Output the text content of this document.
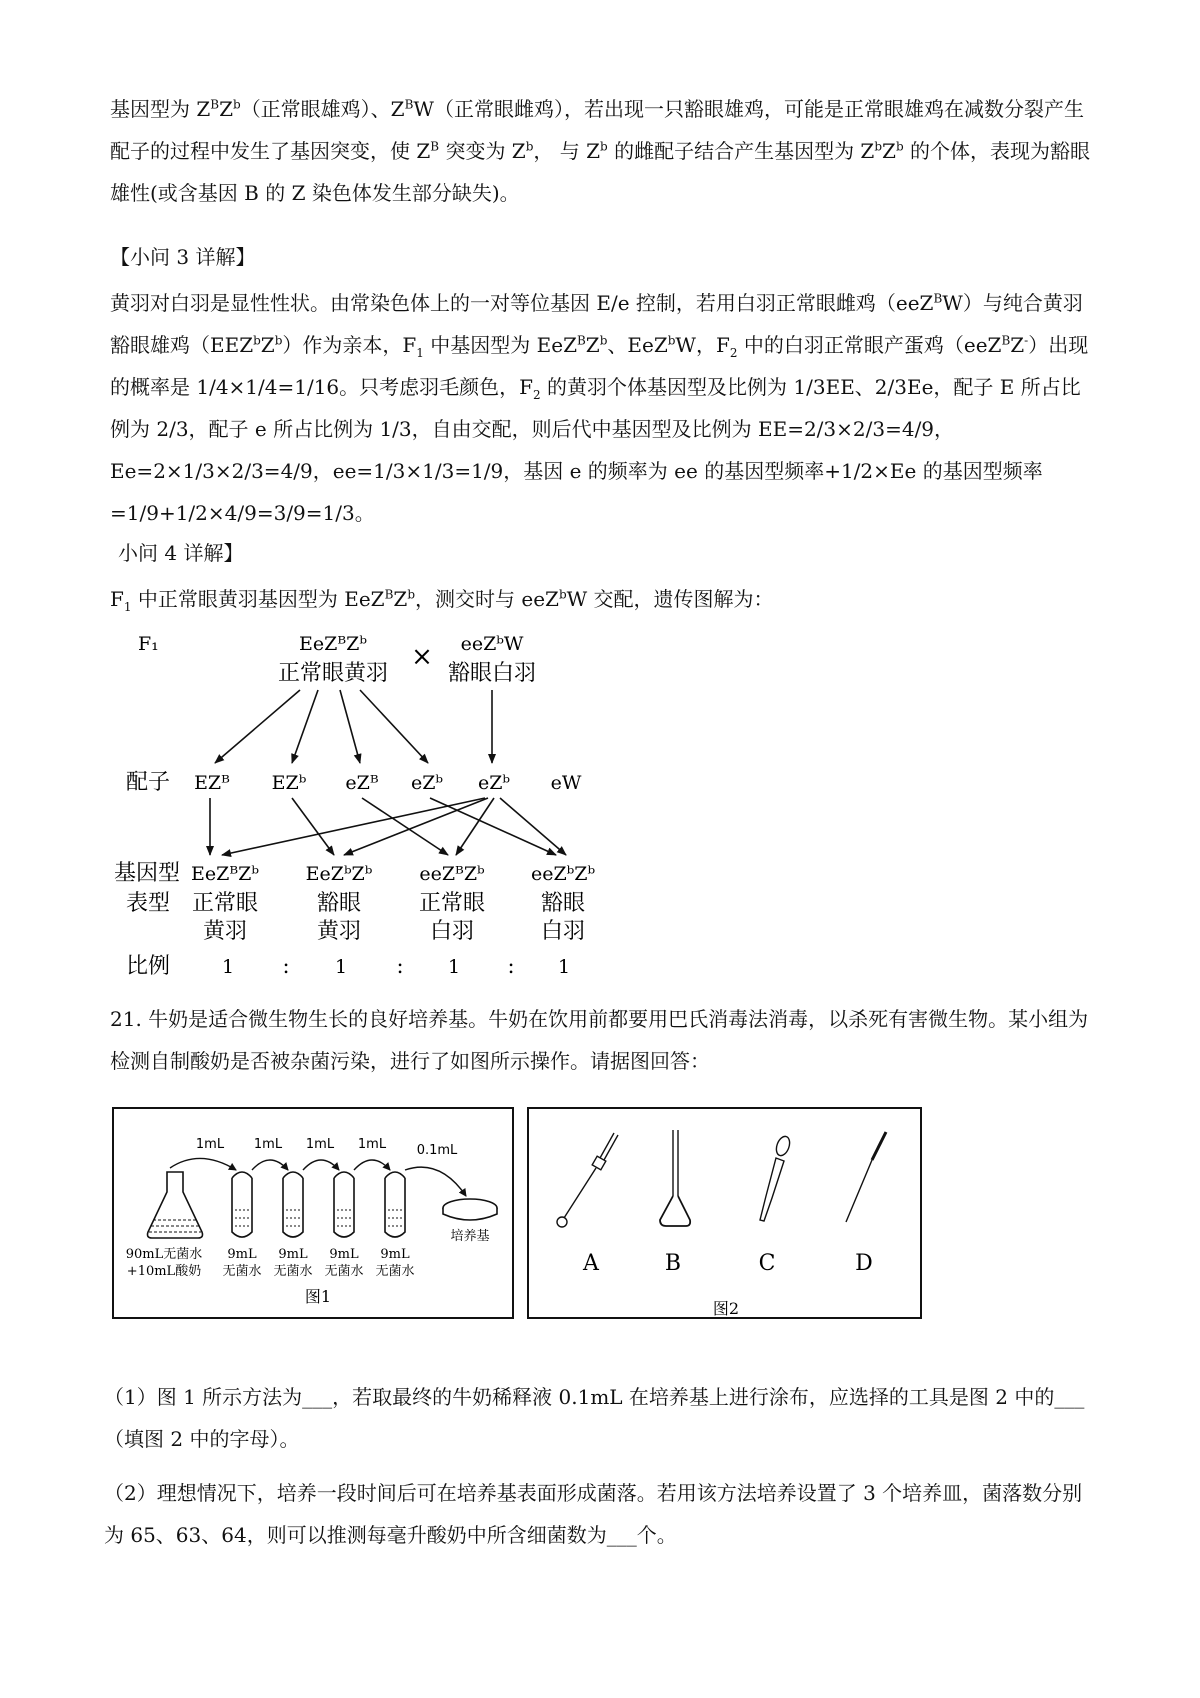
基因型为 $Z^BZ^b$（正常眼雄鸡）、$Z^BW$（正常眼雌鸡），若出现一只豁眼雄鸡，可能是正常眼雄鸡在减数分裂产生配子的过程中发生了基因突变，使 $Z^B$ 突变为 $Z^b$， 与 $Z^b$ 的雌配子结合产生基因型为 $Z^bZ^b$ 的个体，表现为豁眼雄性(或含基因 B 的 Z 染色体发生部分缺失)。

【小问 3 详解】

黄羽对白羽是显性性状。由常染色体上的一对等位基因 E/e 控制，若用白羽正常眼雌鸡（eeZ$^B$W）与纯合黄羽豁眼雄鸡$(EEZ^bZ^b)$作为亲本，$F_1$ 中基因型为 $EeZ^BZ^b$、EeZ$^b$W，$F_2$ 中的白羽正常眼产蛋鸡（eeZ$^B$Z-）出现的概率是 1/4×1/4=1/16。只考虑羽毛颜色，$F_2$ 的黄羽个体基因型及比例为 1/3EE、2/3Ee，配子 E 所占比例为 2/3，配子 e 所占比例为 1/3，自由交配，则后代中基因型及比例为 EE=2/3×2/3=4/9，Ee=2×1/3×2/3=4/9，ee=1/3×1/3=1/9，基因 e 的频率为 ee 的基因型频率+1/2×Ee 的基因型频率=1/9+1/2×4/9=3/9=1/3。

小问 4 详解】

$F_1$ 中正常眼黄羽基因型为 $EeZ^BZ^b$，测交时与 eeZ$^b$W 交配，遗传图解为：

F₁	EeZᴮZᵇ
正常眼黄羽
× eeZᵇW
豁眼白羽
配子 EZᴮ EZᵇ eZᴮ eZᵇ eZᵇ eW
基因型
表型
EeZᴮZᵇ EeZᵇZᵇ eeZᴮZᵇ eeZᵇZᵇ
正常眼	豁眼	正常眼	豁眼
黄羽	黄羽	白羽	白羽
比例	1 : 1 : 1 : 1

21. 牛奶是适合微生物生长的良好培养基。牛奶在饮用前都要用巴氏消毒法消毒，以杀死有害微生物。某小组为检测自制酸奶是否被杂菌污染，进行了如图所示操作。请据图回答：

1mL 1mL 1mL 1mL 0.1mL
培养基
90mL无菌水
+10mL酸奶
9mL 9mL 9mL 9mL
无菌水 无菌水 无菌水 无菌水
图1
A	B	C	D
图2

（1）图 1 所示方法为___，若取最终的牛奶稀释液 0.1mL 在培养基上进行涂布，应选择的工具是图 2 中的___（填图 2 中的字母）。

（2）理想情况下，培养一段时间后可在培养基表面形成菌落。若用该方法培养设置了 3 个培养皿，菌落数分别为 65、63、64，则可以推测每毫升酸奶中所含细菌数为___个。
